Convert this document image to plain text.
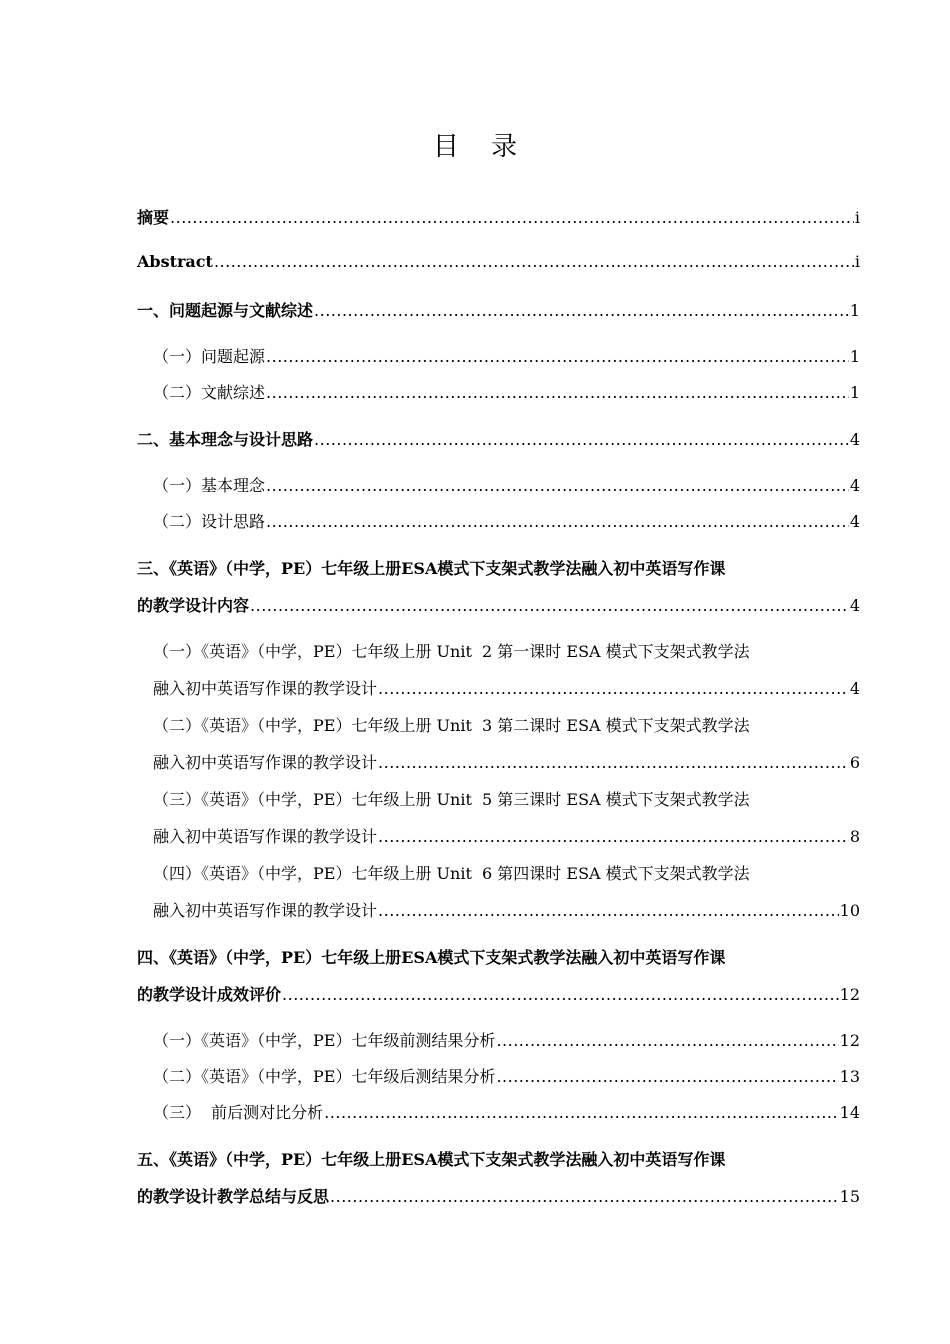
目 录
摘要 .....	i
Abstract .....	i
一、问题起源与文献综述 .....	1
（一）问题起源 .....	1
（二）文献综述 .....	1
二、基本理念与设计思路 .....	4
（一）基本理念 .....	4
（二）设计思路 .....	4
三、《英语》（中学，PE）七年级上册ESA模式下支架式教学法融入初中英语写作课
的教学设计内容 .....	4
（一）《英语》（中学，PE）七年级上册 Unit  2 第一课时 ESA 模式下支架式教学法
融入初中英语写作课的教学设计 .....	4
（二）《英语》（中学，PE）七年级上册 Unit  3 第二课时 ESA 模式下支架式教学法
融入初中英语写作课的教学设计 .....	6
（三）《英语》（中学，PE）七年级上册 Unit  5 第三课时 ESA 模式下支架式教学法
融入初中英语写作课的教学设计 .....	8
（四）《英语》（中学，PE）七年级上册 Unit  6 第四课时 ESA 模式下支架式教学法
融入初中英语写作课的教学设计 .....	10
四、《英语》（中学，PE）七年级上册ESA模式下支架式教学法融入初中英语写作课
的教学设计成效评价 .....	12
（一）《英语》（中学，PE）七年级前测结果分析 .....	12
（二）《英语》（中学，PE）七年级后测结果分析 .....	13
（三）  前后测对比分析 .....	14
五、《英语》（中学，PE）七年级上册ESA模式下支架式教学法融入初中英语写作课
的教学设计教学总结与反思 .....	15
